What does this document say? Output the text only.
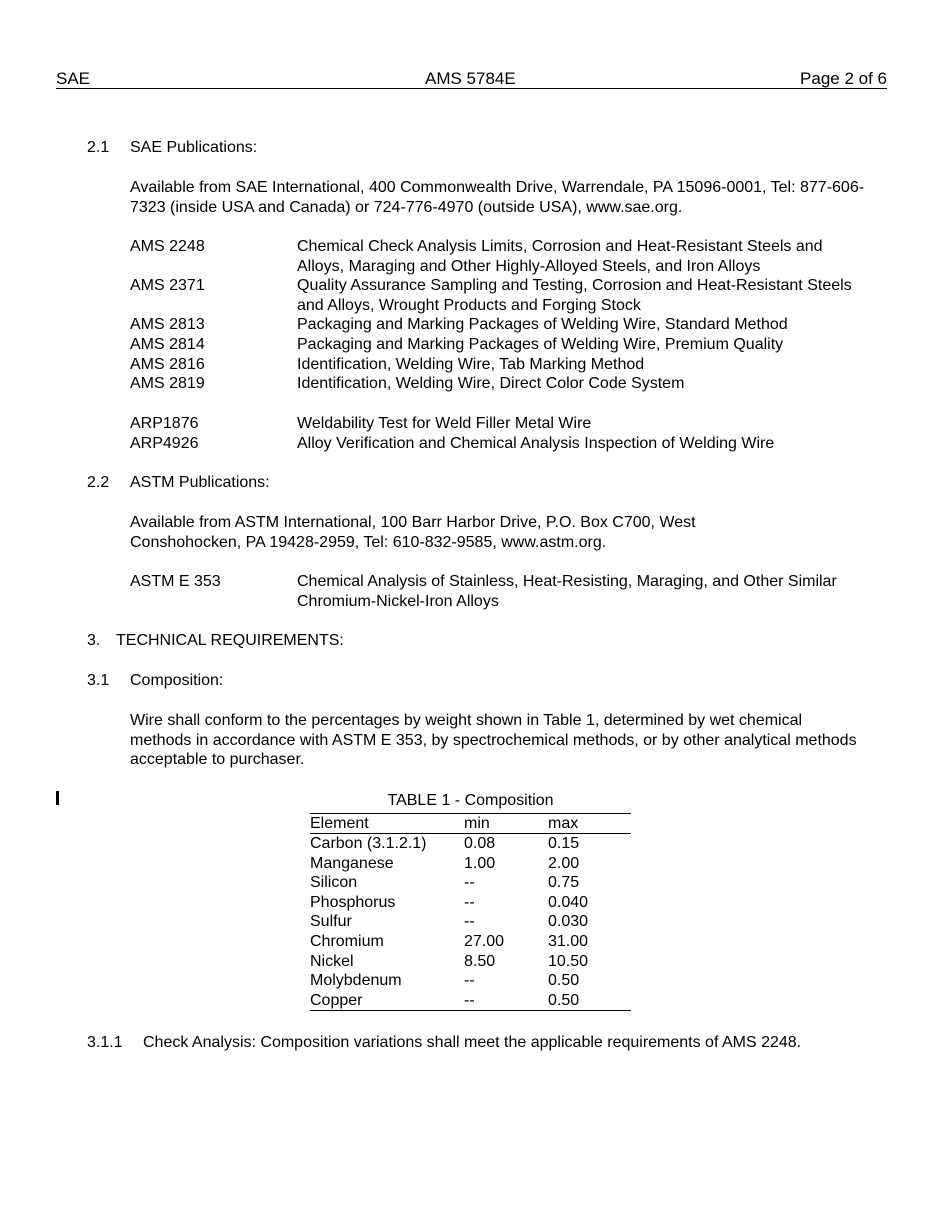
SAE	AMS 5784E	Page 2 of 6
2.1 SAE Publications:
Available from SAE International, 400 Commonwealth Drive, Warrendale, PA 15096-0001, Tel: 877-606-7323 (inside USA and Canada) or 724-776-4970 (outside USA), www.sae.org.
AMS 2248	Chemical Check Analysis Limits, Corrosion and Heat-Resistant Steels and Alloys, Maraging and Other Highly-Alloyed Steels, and Iron Alloys
AMS 2371	Quality Assurance Sampling and Testing, Corrosion and Heat-Resistant Steels and Alloys, Wrought Products and Forging Stock
AMS 2813	Packaging and Marking Packages of Welding Wire, Standard Method
AMS 2814	Packaging and Marking Packages of Welding Wire, Premium Quality
AMS 2816	Identification, Welding Wire, Tab Marking Method
AMS 2819	Identification, Welding Wire, Direct Color Code System
ARP1876	Weldability Test for Weld Filler Metal Wire
ARP4926	Alloy Verification and Chemical Analysis Inspection of Welding Wire
2.2 ASTM Publications:
Available from ASTM International, 100 Barr Harbor Drive, P.O. Box C700, West Conshohocken, PA 19428-2959, Tel: 610-832-9585, www.astm.org.
ASTM E 353	Chemical Analysis of Stainless, Heat-Resisting, Maraging, and Other Similar Chromium-Nickel-Iron Alloys
3. TECHNICAL REQUIREMENTS:
3.1 Composition:
Wire shall conform to the percentages by weight shown in Table 1, determined by wet chemical methods in accordance with ASTM E 353, by spectrochemical methods, or by other analytical methods acceptable to purchaser.
TABLE 1 - Composition
Element	min	max
Carbon (3.1.2.1)	0.08	0.15
Manganese	1.00	2.00
Silicon	--	0.75
Phosphorus	--	0.040
Sulfur	--	0.030
Chromium	27.00	31.00
Nickel	8.50	10.50
Molybdenum	--	0.50
Copper	--	0.50
3.1.1 Check Analysis: Composition variations shall meet the applicable requirements of AMS 2248.
